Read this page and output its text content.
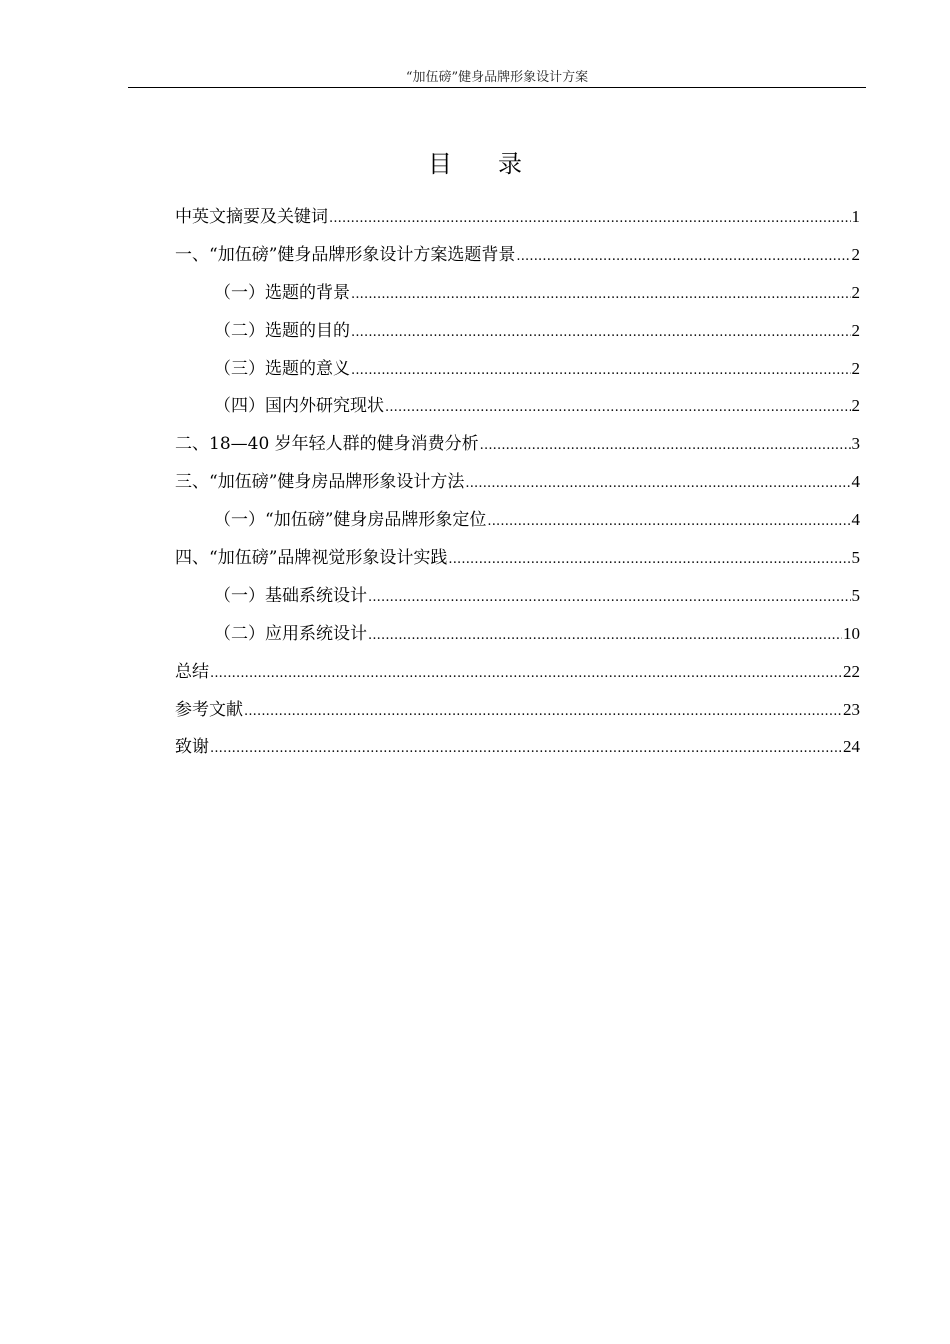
“加伍磅”健身品牌形象设计方案
目 录
中英文摘要及关键词 .....	1
一、“加伍磅”健身品牌形象设计方案选题背景 .....	2
（一）选题的背景 .....	2
（二）选题的目的 .....	2
（三）选题的意义 .....	2
（四）国内外研究现状 .....	2
二、18—40 岁年轻人群的健身消费分析 .....	3
三、“加伍磅”健身房品牌形象设计方法 .....	4
（一）“加伍磅”健身房品牌形象定位 .....	4
四、“加伍磅”品牌视觉形象设计实践 .....	5
（一）基础系统设计 .....	5
（二）应用系统设计 .....	10
总结 .....	22
参考文献 .....	23
致谢 .....	24
